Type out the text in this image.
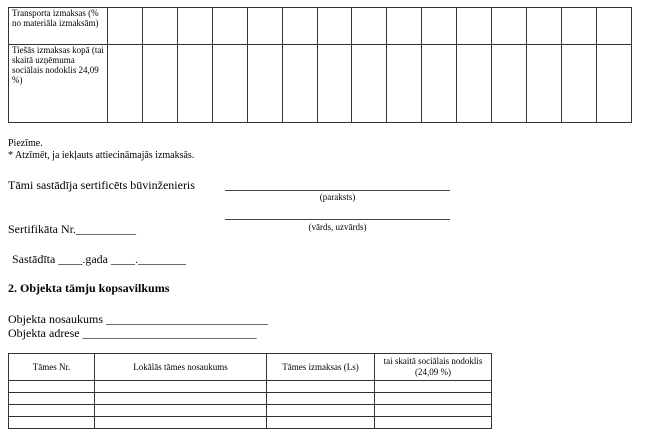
Transporta izmaksas (% no materiāla izmaksām)															
Tiešās izmaksas kopā (tai skaitā uzņēmuma sociālais nodoklis 24,09 %)															
Piezīme.
* Atzīmēt, ja iekļauts attiecināmajās izmaksās.
Tāmi sastādīja sertificēts būvinženieris
(paraksts)
(vārds, uzvārds)
Sertifikāta Nr.__________
Sastādīta ____.gada ____.________
2. Objekta tāmju kopsavilkums
Objekta nosaukums ___________________________
Objekta adrese _____________________________
Tāmes Nr.	Lokālās tāmes nosaukums	Tāmes izmaksas (Ls)	tai skaitā sociālais nodoklis (24,09 %)
